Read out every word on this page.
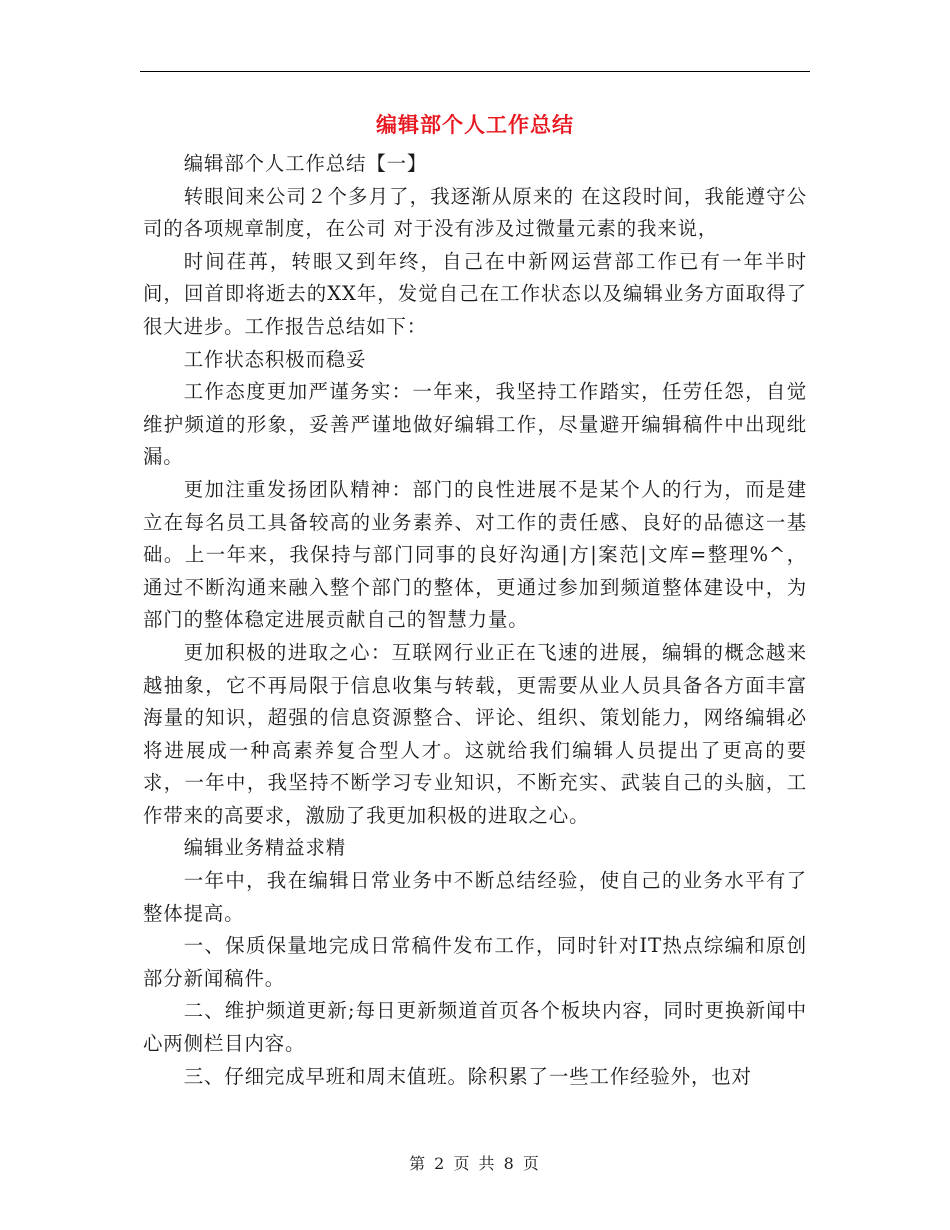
编辑部个人工作总结

编辑部个人工作总结【一】

转眼间来公司２个多月了，我逐渐从原来的 在这段时间，我能遵守公司的各项规章制度，在公司 对于没有涉及过微量元素的我来说，

时间荏苒，转眼又到年终，自己在中新网运营部工作已有一年半时间，回首即将逝去的XX年，发觉自己在工作状态以及编辑业务方面取得了很大进步。工作报告总结如下：

工作状态积极而稳妥

工作态度更加严谨务实：一年来，我坚持工作踏实，任劳任怨，自觉维护频道的形象，妥善严谨地做好编辑工作，尽量避开编辑稿件中出现纰漏。

更加注重发扬团队精神：部门的良性进展不是某个人的行为，而是建立在每名员工具备较高的业务素养、对工作的责任感、良好的品德这一基础。上一年来，我保持与部门同事的良好沟通|方|案范|文库=整理%^，通过不断沟通来融入整个部门的整体，更通过参加到频道整体建设中，为部门的整体稳定进展贡献自己的智慧力量。

更加积极的进取之心：互联网行业正在飞速的进展，编辑的概念越来越抽象，它不再局限于信息收集与转载，更需要从业人员具备各方面丰富海量的知识，超强的信息资源整合、评论、组织、策划能力，网络编辑必将进展成一种高素养复合型人才。这就给我们编辑人员提出了更高的要求，一年中，我坚持不断学习专业知识，不断充实、武装自己的头脑，工作带来的高要求，激励了我更加积极的进取之心。

编辑业务精益求精

一年中，我在编辑日常业务中不断总结经验，使自己的业务水平有了整体提高。

一、保质保量地完成日常稿件发布工作，同时针对IT热点综编和原创部分新闻稿件。

二、维护频道更新;每日更新频道首页各个板块内容，同时更换新闻中心两侧栏目内容。

三、仔细完成早班和周末值班。除积累了一些工作经验外，也对

第 2 页 共 8 页
